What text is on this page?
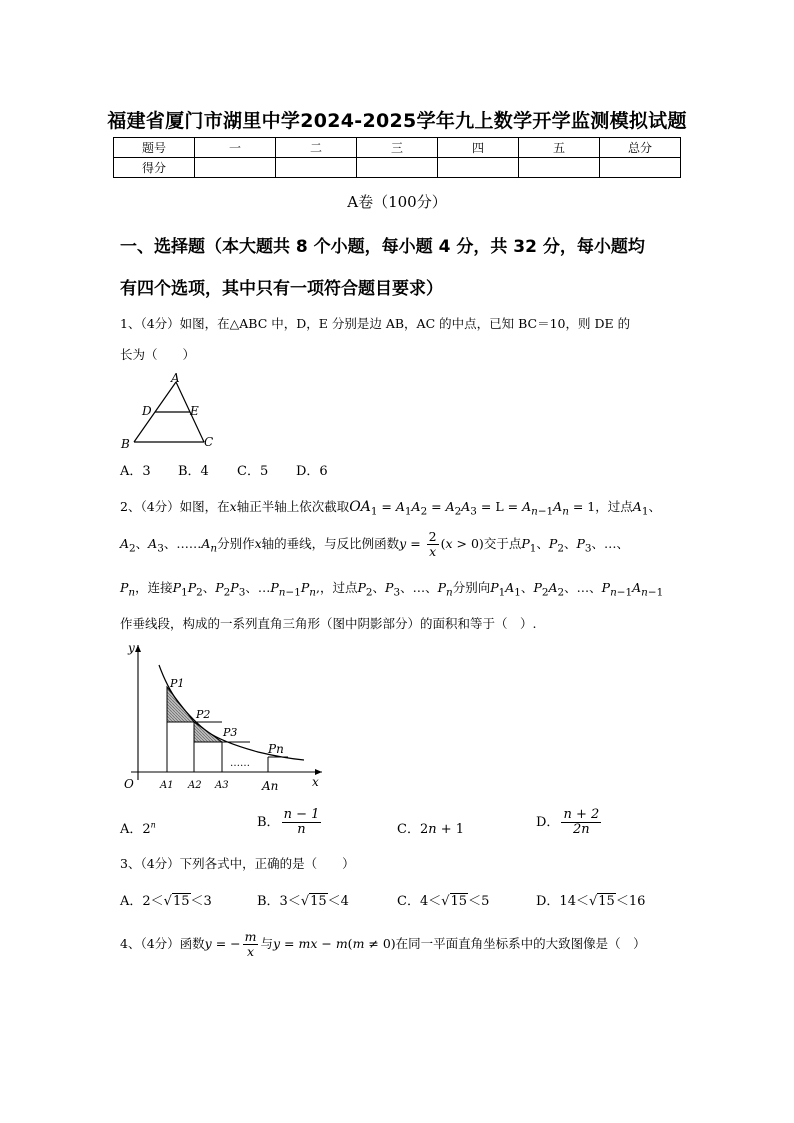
福建省厦门市湖里中学2024-2025学年九上数学开学监测模拟试题
题号	一	二	三	四	五	总分
得分						
A卷（100分）
一、选择题（本大题共 8 个小题，每小题 4 分，共 32 分，每小题均
有四个选项，其中只有一项符合题目要求）
1、（4分）如图，在△ABC 中，D，E 分别是边 AB，AC 的中点，已知 BC＝10，则 DE 的
长为（　　）
A
D	E
B	C
A．3 B．4 C．5 D．6
2、（4分）如图，在x轴正半轴上依次截取$OA_1 = A_1A_2 = A_2A_3 = L = A_{n-1}A_n = 1$，过点$A_1$、
$A_2$、$A_3$、$\dots\dots A_n$分别作x轴的垂线，与反比例函数$y = \frac{2}{x} (x > 0)$交于点$P_1$、$P_2$、$P_3$、…、
$P_n$，连接$P_1P_2$、$P_2P_3$、$\dots P_{n-1}P_n$,，过点$P_2$、$P_3$、…、$P_n$分别向$P_1A_1$、$P_2A_2$、…、$P_{n-1}A_{n-1}$
作垂线段，构成的一系列直角三角形（图中阴影部分）的面积和等于（　）.
y
P1
P2
P3
Pn
……
O	A1 A2 A3	An	x
A．2$^n$	B． $\frac{n - 1}{n}$	C．2n + 1	D． $\frac{n + 2}{2n}$
3、（4分）下列各式中，正确的是（　　）
A．2＜√15＜3	B．3＜√15＜4	C．4＜√15＜5	D．14＜√15＜16
4、（4分）函数y = − $\frac{m}{x}$ 与y = mx − m(m ≠ 0)在同一平面直角坐标系中的大致图像是（　）
